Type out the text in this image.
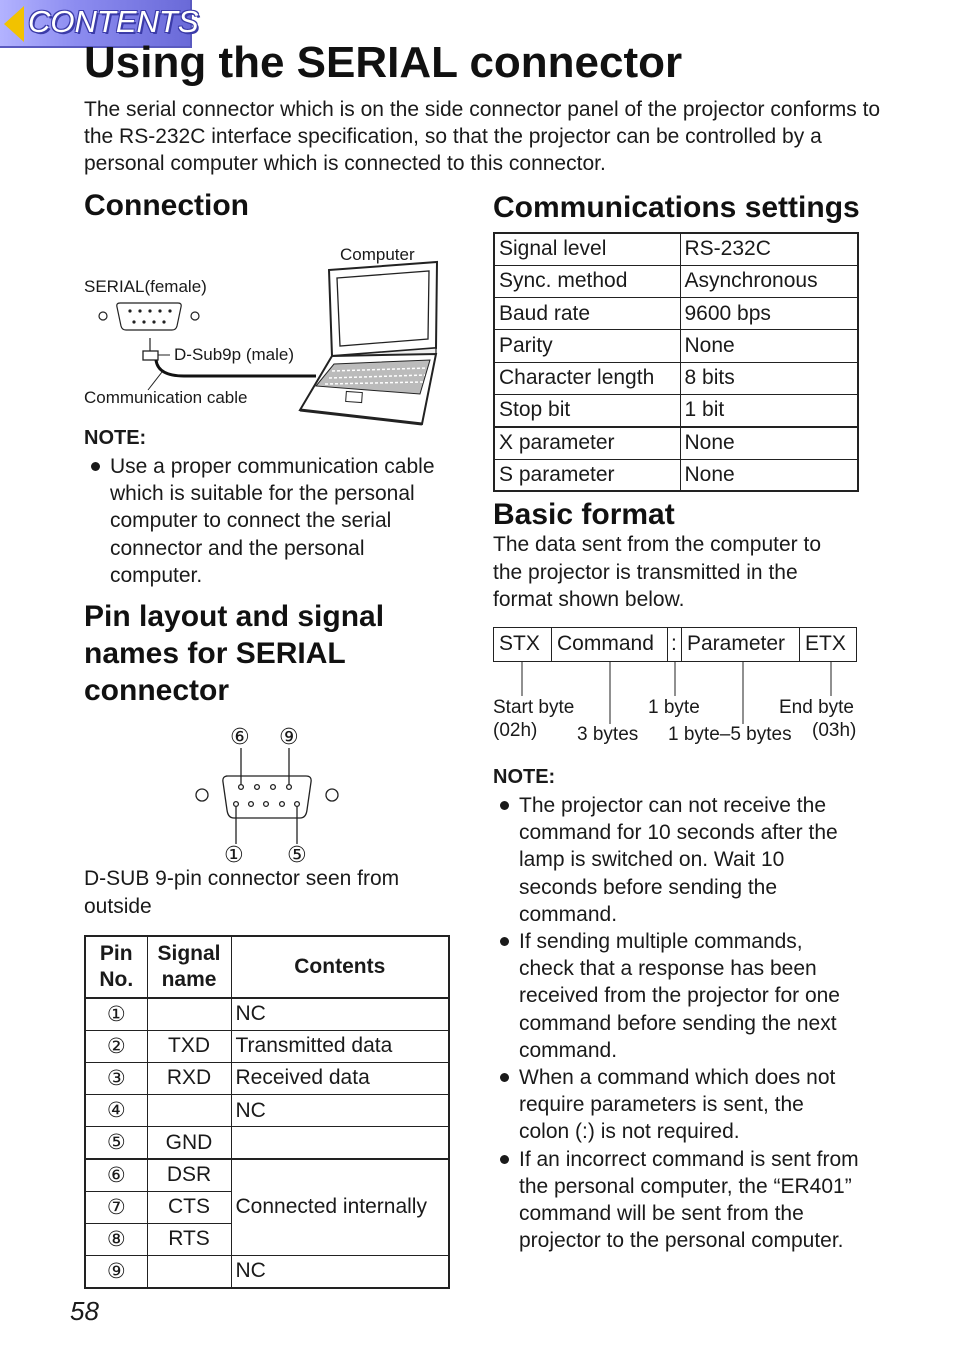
CONTENTS
Using the SERIAL connector

The serial connector which is on the side connector panel of the projector conforms to the RS-232C interface specification, so that the projector can be controlled by a personal computer which is connected to this connector.

Connection
Computer
SERIAL(female)
D-Sub9p (male)
Communication cable
NOTE:
Use a proper communication cable which is suitable for the personal computer to connect the serial connector and the personal computer.
Pin layout and signal names for SERIAL connector
⑥ ⑨
① ⑤

D-SUB 9-pin connector seen from outside

Pin No.	Signal name	Contents
①		NC
②	TXD	Transmitted data
③	RXD	Received data
④		NC
⑤	GND	
⑥	DSR	Connected internally
⑦	CTS	
⑧	RTS	
⑨		NC
Communications settings
Signal level	RS-232C
Sync. method	Asynchronous
Baud rate	9600 bps
Parity	None
Character length	8 bits
Stop bit	1 bit
X parameter	None
S parameter	None
Basic format

The data sent from the computer to the projector is transmitted in the format shown below.

STX Command : Parameter ETX
Start byte
(02h) 3 bytes
1 byte
1 byte–5 bytes
End byte
(03h)
NOTE:
The projector can not receive the command for 10 seconds after the lamp is switched on. Wait 10 seconds before sending the command.
If sending multiple commands, check that a response has been received from the projector for one command before sending the next command.
When a command which does not require parameters is sent, the colon (:) is not required.
If an incorrect command is sent from the personal computer, the “ER401” command will be sent from the projector to the personal computer.
58
